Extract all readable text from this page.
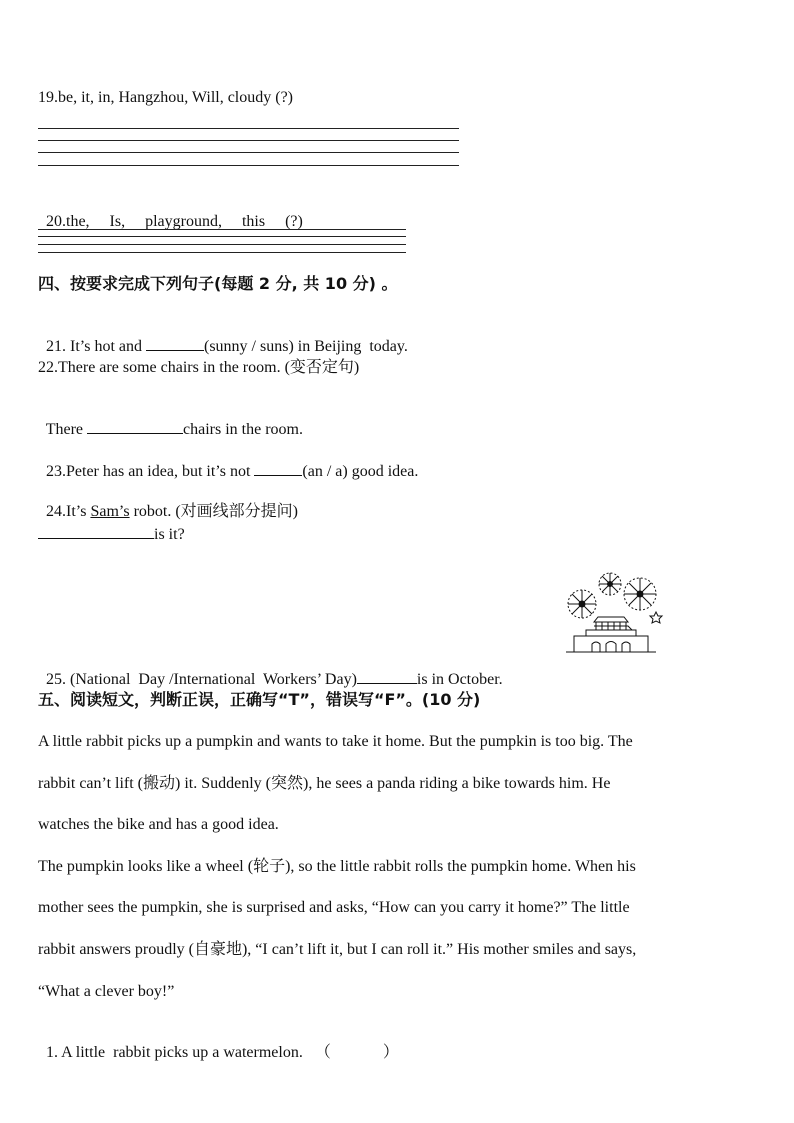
19.be, it, in, Hangzhou, Will, cloudy (?)

20.the,     Is,     playground,     this     (?)

四、按要求完成下列句子(每题 2 分, 共 10 分) 。

21. It’s hot and	(sunny / suns) in Beijing  today.

22.There are some chairs in the room. (变否定句)

There	chairs in the room.

23.Peter has an idea, but it’s not	(an / a) good idea.

24.It’s Sam’s robot. (对画线部分提问)

is it?

25. (National  Day /International  Workers’ Day)	is in October.

五、阅读短文，判断正误，正确写“T”，错误写“F”。(10 分)
A little rabbit picks up a pumpkin and wants to take it home. But the pumpkin is too big. The
rabbit can’t lift (搬动) it. Suddenly (突然), he sees a panda riding a bike towards him. He
watches the bike and has a good idea.
The pumpkin looks like a wheel (轮子), so the little rabbit rolls the pumpkin home. When his
mother sees the pumpkin, she is surprised and asks, “How can you carry it home?” The little
rabbit answers proudly (自豪地), “I can’t lift it, but I can roll it.” His mother smiles and says,
“What a clever boy!”

1. A little  rabbit picks up a watermelon. （	）
